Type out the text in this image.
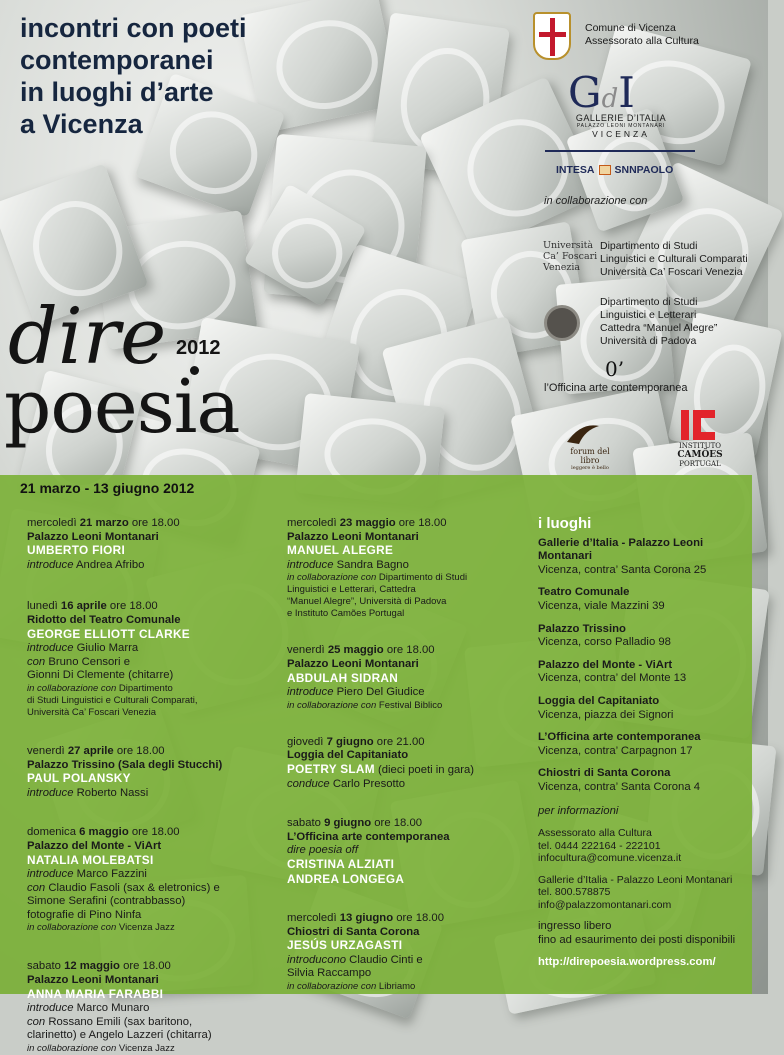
incontri con poeti
contemporanei
in luoghi d’arte
a Vicenza
dire 2012
poesia
Comune di Vicenza
Assessorato alla Cultura
GdI
GALLERIE D’ITALIA
PALAZZO LEONI MONTANARI
VICENZA
INTESA SNNPAOLO
in collaborazione con
Università
Ca’ Foscari
Venezia
Dipartimento di Studi
Linguistici e Culturali Comparati
Università Ca’ Foscari Venezia
Dipartimento di Studi
Linguistici e Letterari
Cattedra “Manuel Alegre”
Università di Padova
0’
l’Officina arte contemporanea
forum del libro
leggere è bello
INSTITUTO
CAMÕES
PORTUGAL
21 marzo - 13 giugno 2012
mercoledì 21 marzo ore 18.00
Palazzo Leoni Montanari
UMBERTO FIORI
introduce Andrea Afribo
lunedì 16 aprile ore 18.00
Ridotto del Teatro Comunale
GEORGE ELLIOTT CLARKE
introduce Giulio Marra
con Bruno Censori e
Gionni Di Clemente (chitarre)
in collaborazione con Dipartimento
di Studi Linguistici e Culturali Comparati,
Università Ca’ Foscari Venezia
venerdì 27 aprile ore 18.00
Palazzo Trissino (Sala degli Stucchi)
PAUL POLANSKY
introduce Roberto Nassi
domenica 6 maggio ore 18.00
Palazzo del Monte - ViArt
NATALIA MOLEBATSI
introduce Marco Fazzini
con Claudio Fasoli (sax & eletronics) e
Simone Serafini (contrabbasso)
fotografie di Pino Ninfa
in collaborazione con Vicenza Jazz
sabato 12 maggio ore 18.00
Palazzo Leoni Montanari
ANNA MARIA FARABBI
introduce Marco Munaro
con Rossano Emili (sax baritono,
clarinetto) e Angelo Lazzeri (chitarra)
in collaborazione con Vicenza Jazz
mercoledì 23 maggio ore 18.00
Palazzo Leoni Montanari
MANUEL ALEGRE
introduce Sandra Bagno
in collaborazione con Dipartimento di Studi
Linguistici e Letterari, Cattedra
“Manuel Alegre”, Università di Padova
e Instituto Camões Portugal
venerdì 25 maggio ore 18.00
Palazzo Leoni Montanari
ABDULAH SIDRAN
introduce Piero Del Giudice
in collaborazione con Festival Biblico
giovedì 7 giugno ore 21.00
Loggia del Capitaniato
POETRY SLAM (dieci poeti in gara)
conduce Carlo Presotto
sabato 9 giugno ore 18.00
L’Officina arte contemporanea
dire poesia off
CRISTINA ALZIATI
ANDREA LONGEGA
mercoledì 13 giugno ore 18.00
Chiostri di Santa Corona
JESÚS URZAGASTI
introducono Claudio Cinti e
Silvia Raccampo
in collaborazione con Libriamo
i luoghi
Gallerie d’Italia - Palazzo Leoni Montanari
Vicenza, contra’ Santa Corona 25
Teatro Comunale
Vicenza, viale Mazzini 39
Palazzo Trissino
Vicenza, corso Palladio 98
Palazzo del Monte - ViArt
Vicenza, contra’ del Monte 13
Loggia del Capitaniato
Vicenza, piazza dei Signori
L’Officina arte contemporanea
Vicenza, contra’ Carpagnon 17
Chiostri di Santa Corona
Vicenza, contra’ Santa Corona 4
per informazioni
Assessorato alla Cultura
tel. 0444 222164 - 222101
infocultura@comune.vicenza.it
Gallerie d’Italia - Palazzo Leoni Montanari
tel. 800.578875
info@palazzomontanari.com
ingresso libero
fino ad esaurimento dei posti disponibili
http://direpoesia.wordpress.com/
